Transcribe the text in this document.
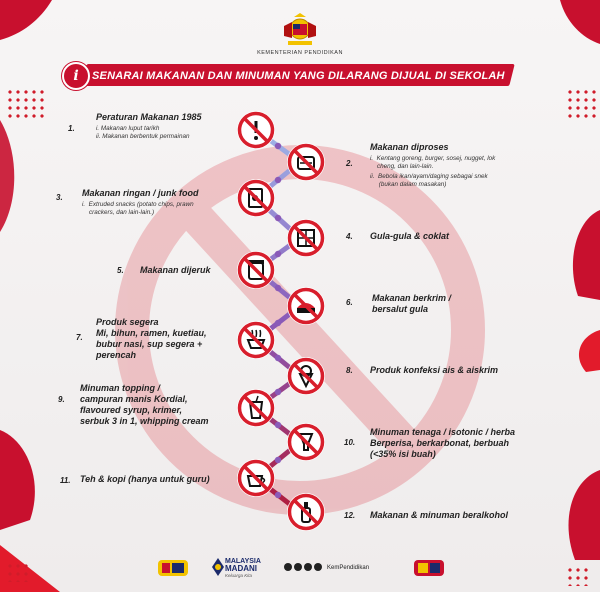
KEMENTERIAN PENDIDIKAN
SENARAI MAKANAN DAN MINUMAN YANG DILARANG DIJUAL DI SEKOLAH
i
1.
Peraturan Makanan 1985
i. Makanan luput tarikh
ii. Makanan berbentuk permainan
2.
Makanan diproses
i.  Kentang goreng, burger, sosej, nugget, lok
cheng, dan lain-lain.
ii.  Bebola ikan/ayam/daging sebagai snek
(bukan dalam masakan)
3. Makanan ringan / junk food
i.  Extruded snacks (potato chips, prawn
crackers, dan lain-lain.)
4. Gula-gula & coklat
5. Makanan dijeruk
6. Makanan berkrim /
bersalut gula
7.
Produk segera
Mi, bihun, ramen, kuetiau,
bubur nasi, sup segera +
perencah
8. Produk konfeksi ais & aiskrim
9.
Minuman topping /
campuran manis Kordial,
flavoured syrup, krimer,
serbuk 3 in 1, whipping cream
10.
Minuman tenaga / isotonic / herba
Berperisa, berkarbonat, berbuah
(<35% isi buah)
11. Teh & kopi (hanya untuk guru)
12. Makanan & minuman beralkohol
MALAYSIA
MADANI
Keluarga Kita
KemPendidikan
